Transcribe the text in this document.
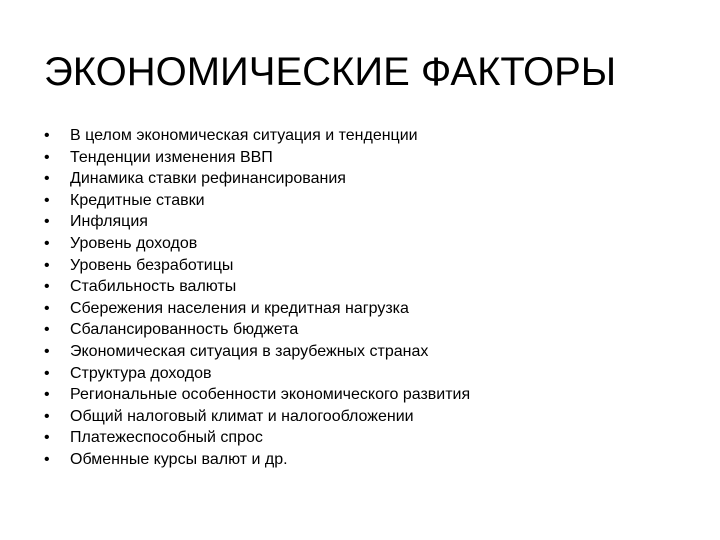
ЭКОНОМИЧЕСКИЕ ФАКТОРЫ
•	В целом экономическая ситуация и тенденции
•	Тенденции изменения ВВП
•	Динамика ставки рефинансирования
•	Кредитные ставки
•	Инфляция
•	Уровень доходов
•	Уровень безработицы
•	Стабильность валюты
•	Сбережения населения и кредитная нагрузка
•	Сбалансированность бюджета
•	Экономическая ситуация в зарубежных странах
•	Структура доходов
•	Региональные особенности экономического развития
•	Общий налоговый климат и налогообложении
•	Платежеспособный спрос
•	Обменные курсы валют и др.
